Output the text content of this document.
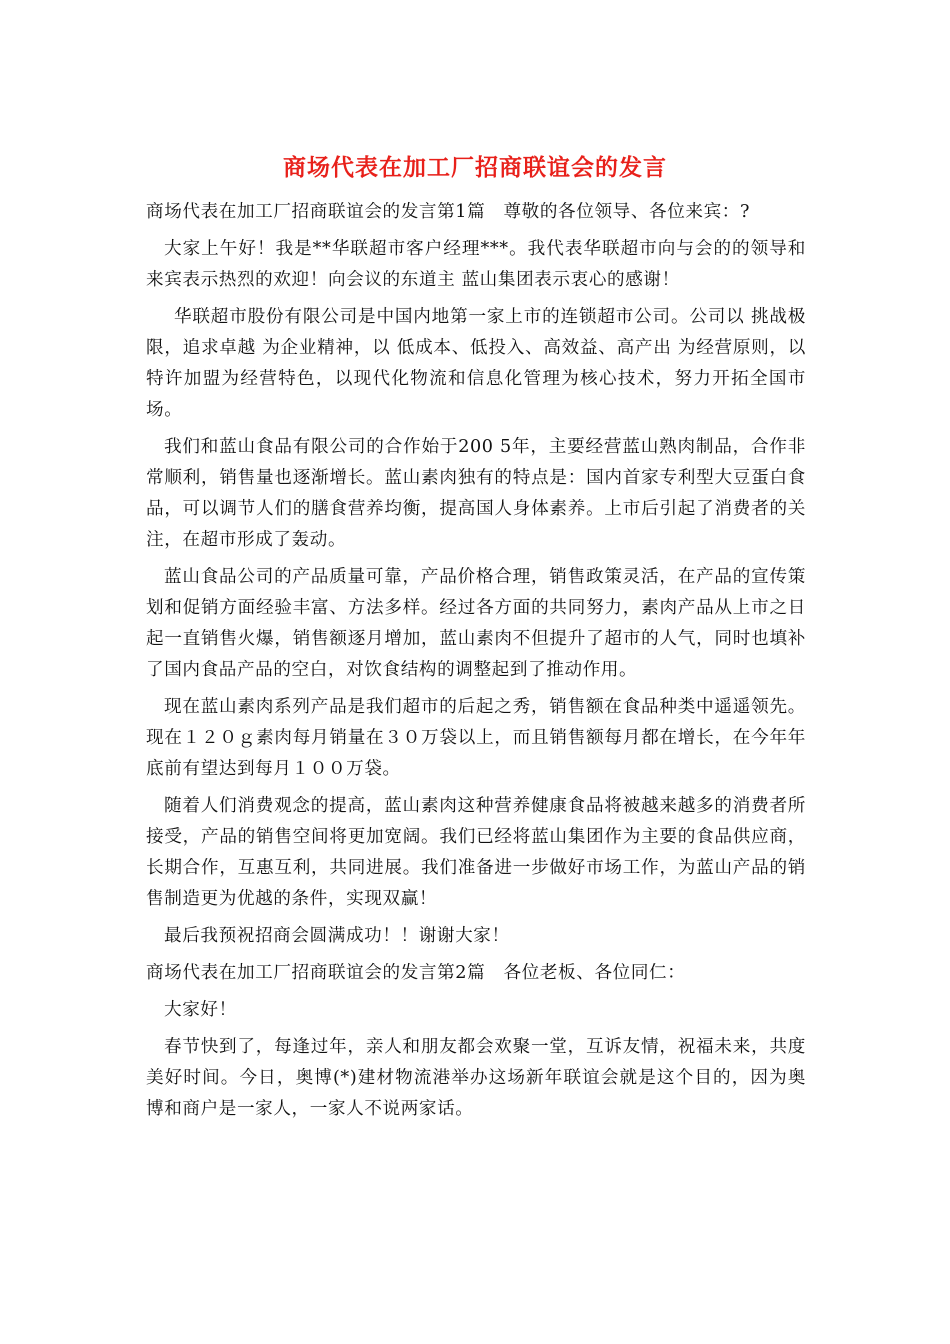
商场代表在加工厂招商联谊会的发言

商场代表在加工厂招商联谊会的发言第1篇　尊敬的各位领导、各位来宾：?

大家上午好！我是**华联超市客户经理***。我代表华联超市向与会的的领导和来宾表示热烈的欢迎！向会议的东道主 蓝山集团表示衷心的感谢！

华联超市股份有限公司是中国内地第一家上市的连锁超市公司。公司以 挑战极限，追求卓越 为企业精神，以 低成本、低投入、高效益、高产出 为经营原则，以特许加盟为经营特色，以现代化物流和信息化管理为核心技术，努力开拓全国市场。

我们和蓝山食品有限公司的合作始于200 5年，主要经营蓝山熟肉制品，合作非常顺利，销售量也逐渐增长。蓝山素肉独有的特点是：国内首家专利型大豆蛋白食品，可以调节人们的膳食营养均衡，提高国人身体素养。上市后引起了消费者的关注，在超市形成了轰动。

蓝山食品公司的产品质量可靠，产品价格合理，销售政策灵活，在产品的宣传策划和促销方面经验丰富、方法多样。经过各方面的共同努力，素肉产品从上市之日起一直销售火爆，销售额逐月增加，蓝山素肉不但提升了超市的人气，同时也填补了国内食品产品的空白，对饮食结构的调整起到了推动作用。

现在蓝山素肉系列产品是我们超市的后起之秀，销售额在食品种类中遥遥领先。现在１２０ｇ素肉每月销量在３０万袋以上，而且销售额每月都在增长，在今年年底前有望达到每月１００万袋。

随着人们消费观念的提高，蓝山素肉这种营养健康食品将被越来越多的消费者所接受，产品的销售空间将更加宽阔。我们已经将蓝山集团作为主要的食品供应商，长期合作，互惠互利，共同进展。我们准备进一步做好市场工作，为蓝山产品的销售制造更为优越的条件，实现双赢！

最后我预祝招商会圆满成功！！谢谢大家！

商场代表在加工厂招商联谊会的发言第2篇　各位老板、各位同仁：

大家好！

春节快到了，每逢过年，亲人和朋友都会欢聚一堂，互诉友情，祝福未来，共度美好时间。今日，奥博(*)建材物流港举办这场新年联谊会就是这个目的，因为奥博和商户是一家人，一家人不说两家话。
